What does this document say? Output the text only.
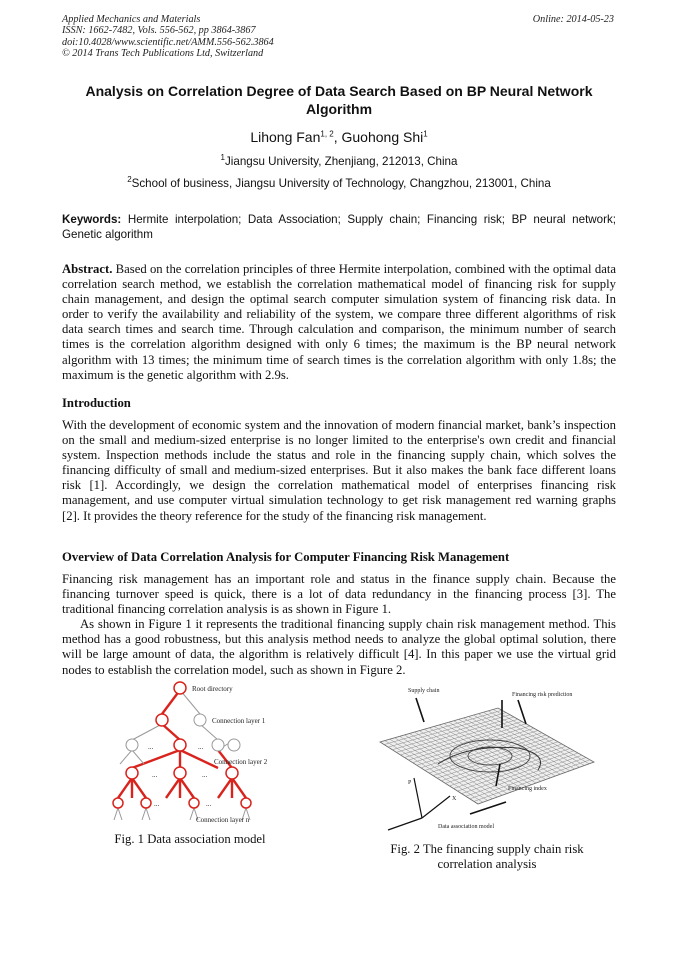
Applied Mechanics and Materials
ISSN: 1662-7482, Vols. 556-562, pp 3864-3867
doi:10.4028/www.scientific.net/AMM.556-562.3864
© 2014 Trans Tech Publications Ltd, Switzerland
Online: 2014-05-23
Analysis on Correlation Degree of Data Search Based on BP Neural Network Algorithm
Lihong Fan$^{1, 2}$, Guohong Shi$^1$
$^1$Jiangsu University, Zhenjiang, 212013, China
$^2$School of business, Jiangsu University of Technology, Changzhou, 213001, China
Keywords: Hermite interpolation; Data Association; Supply chain; Financing risk; BP neural network; Genetic algorithm

Abstract. Based on the correlation principles of three Hermite interpolation, combined with the optimal data correlation search method, we establish the correlation mathematical model of financing risk for supply chain management, and design the optimal search computer simulation system of financing risk data. In order to verify the availability and reliability of the system, we compare three different algorithms of risk data search times and search time. Through calculation and comparison, the minimum number of search times is the correlation algorithm designed with only 6 times; the maximum is the BP neural network algorithm with 13 times; the minimum time of search times is the correlation algorithm with only 1.8s; the maximum is the genetic algorithm with 2.9s.

Introduction
With the development of economic system and the innovation of modern financial market, bank’s inspection on the small and medium-sized enterprise is no longer limited to the enterprise's own credit and financial system. Inspection methods include the status and role in the financing supply chain, which solves the financing difficulty of small and medium-sized enterprises. But it also makes the bank face different loans risk [1]. Accordingly, we design the correlation mathematical model of enterprises financing risk management, and use computer virtual simulation technology to get risk management red warning graphs [2]. It provides the theory reference for the study of the financing risk management.
Overview of Data Correlation Analysis for Computer Financing Risk Management

Financing risk management has an important role and status in the finance supply chain. Because the financing turnover speed is quick, there is a lot of data redundancy in the financing process [3]. The traditional financing correlation analysis is as shown in Figure 1.

As shown in Figure 1 it represents the traditional financing supply chain risk management method. This method has a good robustness, but this analysis method needs to analyze the global optimal solution, there will be large amount of data, the algorithm is relatively difficult [4]. In this paper we use the virtual grid nodes to establish the correlation model, such as shown in Figure 2.

Root directory
Connection layer 1
Connection layer 2
Connection layer n
...	...
...	...
...	...
Fig. 1 Data association model
Supply chain
Financing risk prediction
Financing index
Data association model
P
X
Fig. 2 The financing supply chain risk correlation analysis
